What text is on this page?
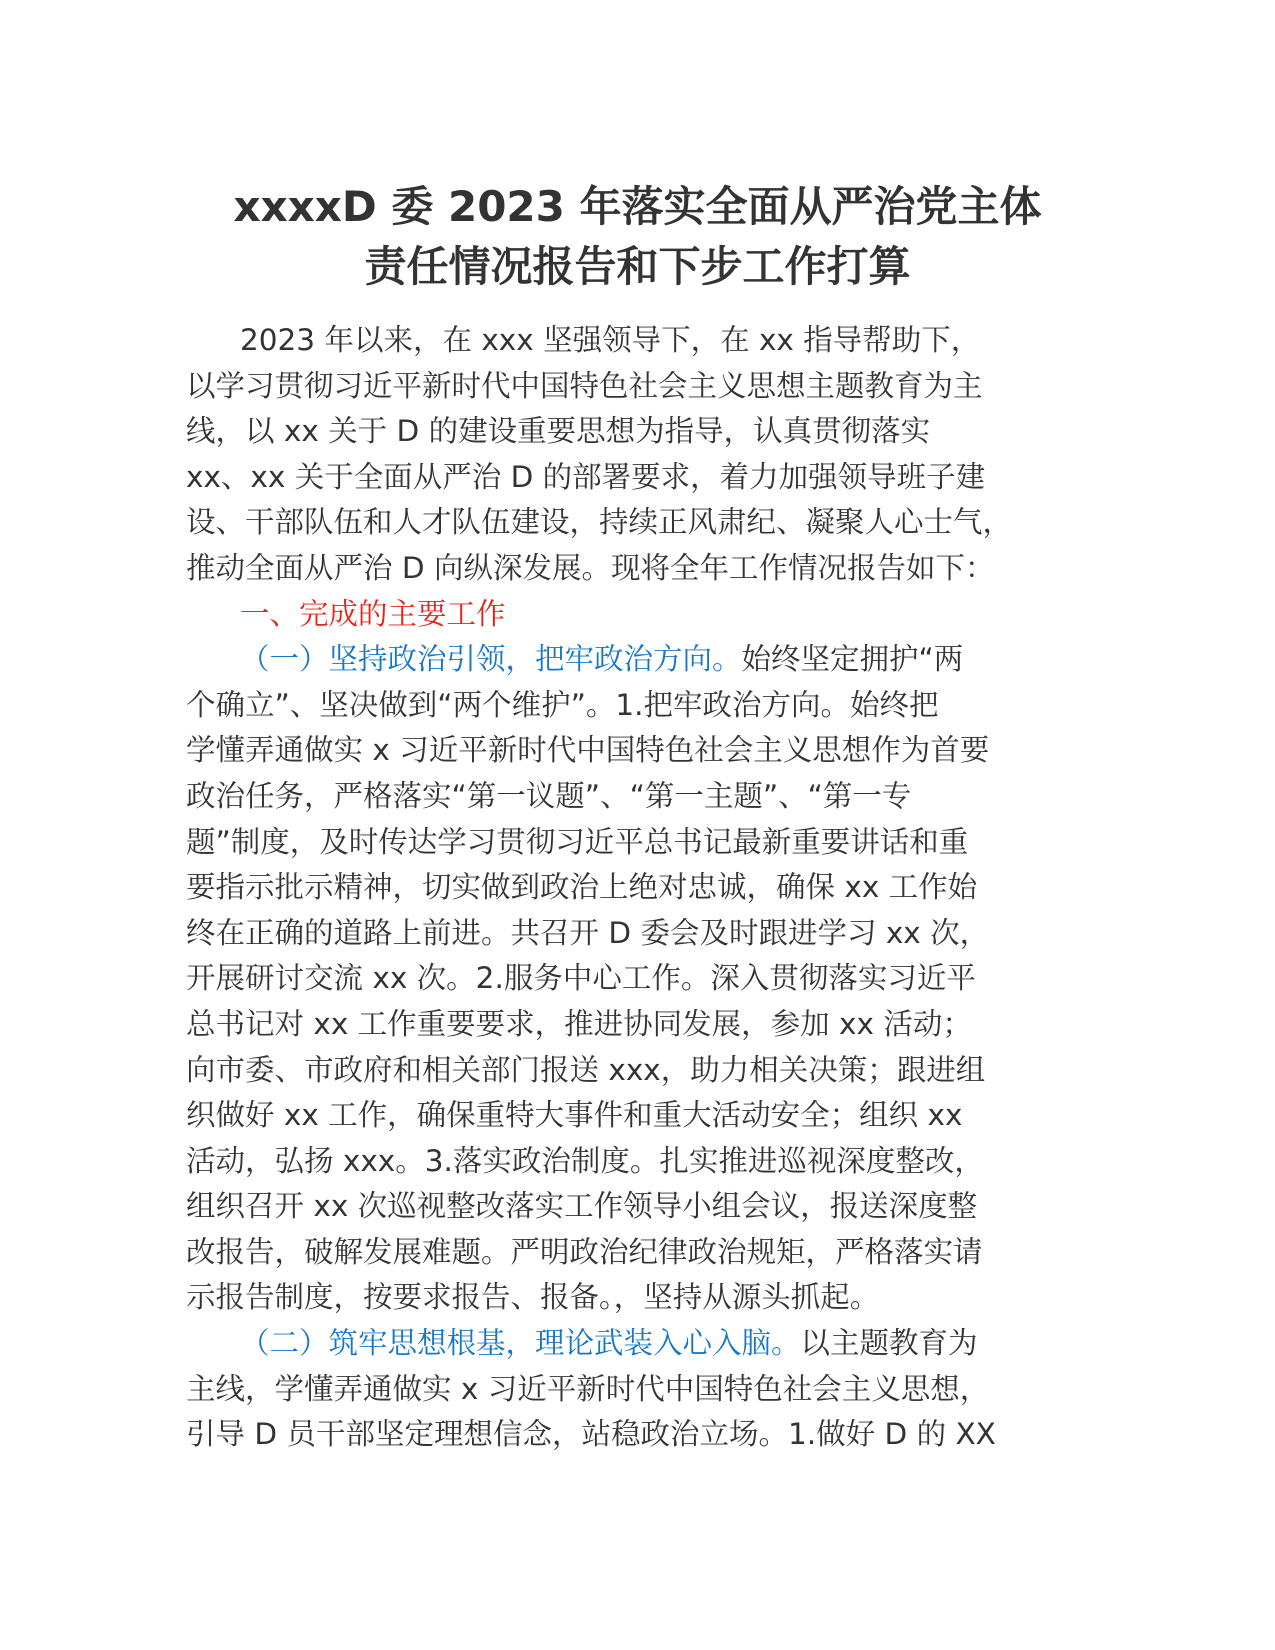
xxxxD 委 2023 年落实全面从严治党主体
责任情况报告和下步工作打算
2023 年以来，在 xxx 坚强领导下，在 xx 指导帮助下，
以学习贯彻习近平新时代中国特色社会主义思想主题教育为主
线，以 xx 关于 D 的建设重要思想为指导，认真贯彻落实
xx、xx 关于全面从严治 D 的部署要求，着力加强领导班子建
设、干部队伍和人才队伍建设，持续正风肃纪、凝聚人心士气，
推动全面从严治 D 向纵深发展。现将全年工作情况报告如下：
一、完成的主要工作
（一）坚持政治引领，把牢政治方向。始终坚定拥护“两
个确立”、坚决做到“两个维护”。1.把牢政治方向。始终把
学懂弄通做实 x 习近平新时代中国特色社会主义思想作为首要
政治任务，严格落实“第一议题”、“第一主题”、“第一专
题”制度，及时传达学习贯彻习近平总书记最新重要讲话和重
要指示批示精神，切实做到政治上绝对忠诚，确保 xx 工作始
终在正确的道路上前进。共召开 D 委会及时跟进学习 xx 次，
开展研讨交流 xx 次。2.服务中心工作。深入贯彻落实习近平
总书记对 xx 工作重要要求，推进协同发展，参加 xx 活动；
向市委、市政府和相关部门报送 xxx，助力相关决策；跟进组
织做好 xx 工作，确保重特大事件和重大活动安全；组织 xx
活动，弘扬 xxx。3.落实政治制度。扎实推进巡视深度整改，
组织召开 xx 次巡视整改落实工作领导小组会议，报送深度整
改报告，破解发展难题。严明政治纪律政治规矩，严格落实请
示报告制度，按要求报告、报备。，坚持从源头抓起。
（二）筑牢思想根基，理论武装入心入脑。以主题教育为
主线，学懂弄通做实 x 习近平新时代中国特色社会主义思想，
引导 D 员干部坚定理想信念，站稳政治立场。1.做好 D 的 XX
